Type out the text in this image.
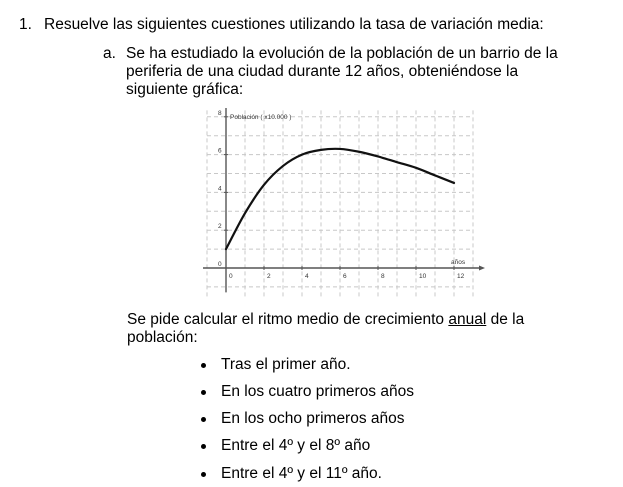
1. Resuelve las siguientes cuestiones utilizando la tasa de variación media:
a. Se ha estudiado la evolución de la población de un barrio de la
periferia de una ciudad durante 12 años, obteniéndose la
siguiente gráfica:
0	2	4	6	8	10	12
0
2
4
6
8
Población ( x10.000 )
años
Se pide calcular el ritmo medio de crecimiento anual de la
población:
Tras el primer año.
En los cuatro primeros años
En los ocho primeros años
Entre el 4º y el 8º año
Entre el 4º y el 11º año.
